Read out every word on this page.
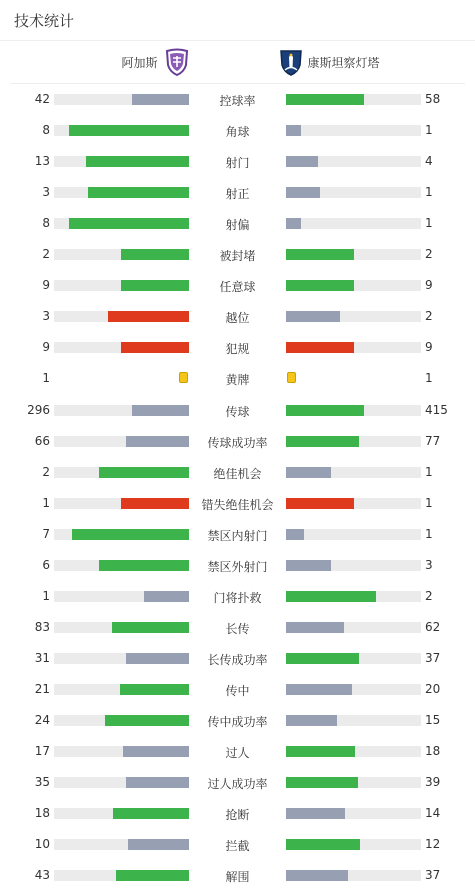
技术统计
阿加斯	康斯坦察灯塔
42	控球率	58
8	角球	1
13	射门	4
3	射正	1
8	射偏	1
2	被封堵	2
9	任意球	9
3	越位	2
9	犯规	9
1	黄牌	1
296	传球	415
66	传球成功率	77
2	绝佳机会	1
1	错失绝佳机会	1
7	禁区内射门	1
6	禁区外射门	3
1	门将扑救	2
83	长传	62
31	长传成功率	37
21	传中	20
24	传中成功率	15
17	过人	18
35	过人成功率	39
18	抢断	14
10	拦截	12
43	解围	37
